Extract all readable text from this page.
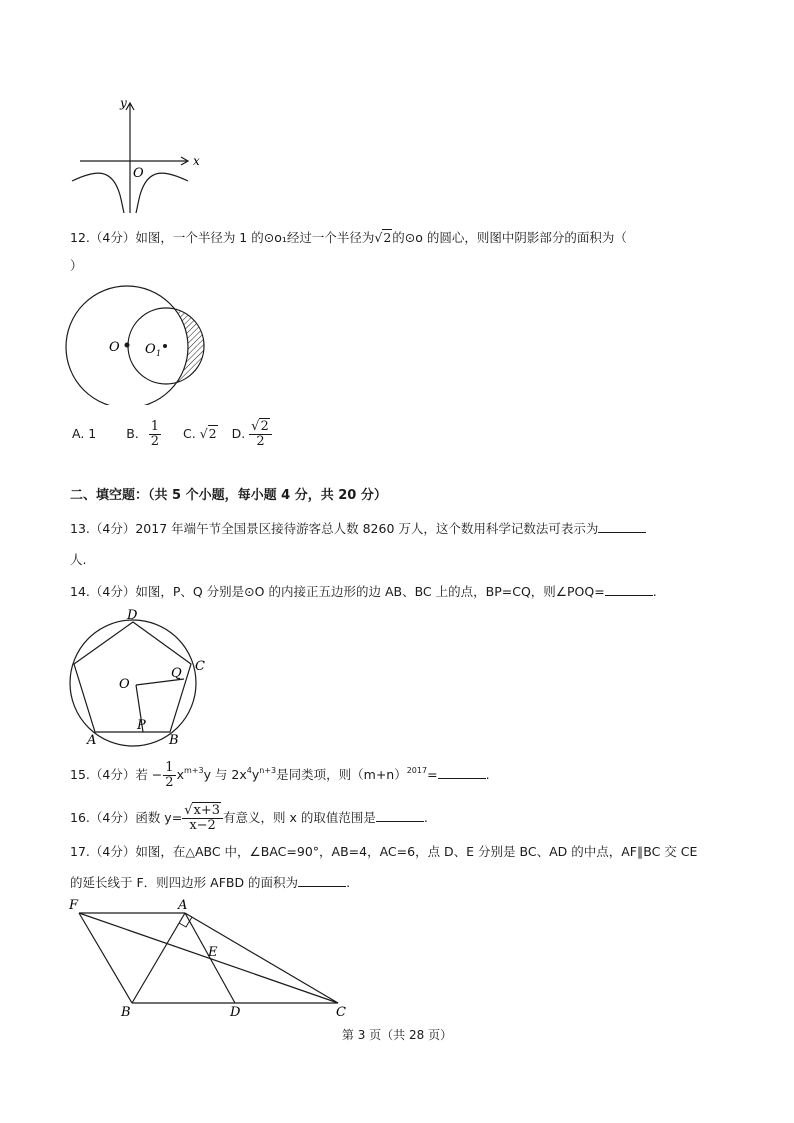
y
x
O
12.（4分）如图，一个半径为 1 的⊙o₁经过一个半径为√2的⊙o 的圆心，则图中阴影部分的面积为（
）
O O 1
A. 1 B. $\frac{1}{2} C$. √2 D. $\frac{√2}{2}$
二、填空题：（共 5 个小题，每小题 4 分，共 20 分）
13.（4分）2017 年端午节全国景区接待游客总人数 8260 万人，这个数用科学记数法可表示为
人.
14.（4分）如图，P、Q 分别是⊙O 的内接正五边形的边 AB、BC 上的点，BP=CQ，则∠POQ=	.
D
C
Q
O
P
A	B
15.（4分）若 − $\frac{1}{2} x^{m+3}y$ 与 $2x^4y^{n+3}$是同类项，则$(m+n)^{2017}=$	.
16.（4分）函数 $y= \frac{√x+3}{x-2}$ 有意义，则 x 的取值范围是	.
17.（4分）如图，在△ABC 中，∠BAC=90°，AB=4，AC=6，点 D、E 分别是 BC、AD 的中点，AF∥BC 交 CE
的延长线于 F．则四边形 AFBD 的面积为	.
F	A
E
B	D	C
第 3 页（共 28 页）
